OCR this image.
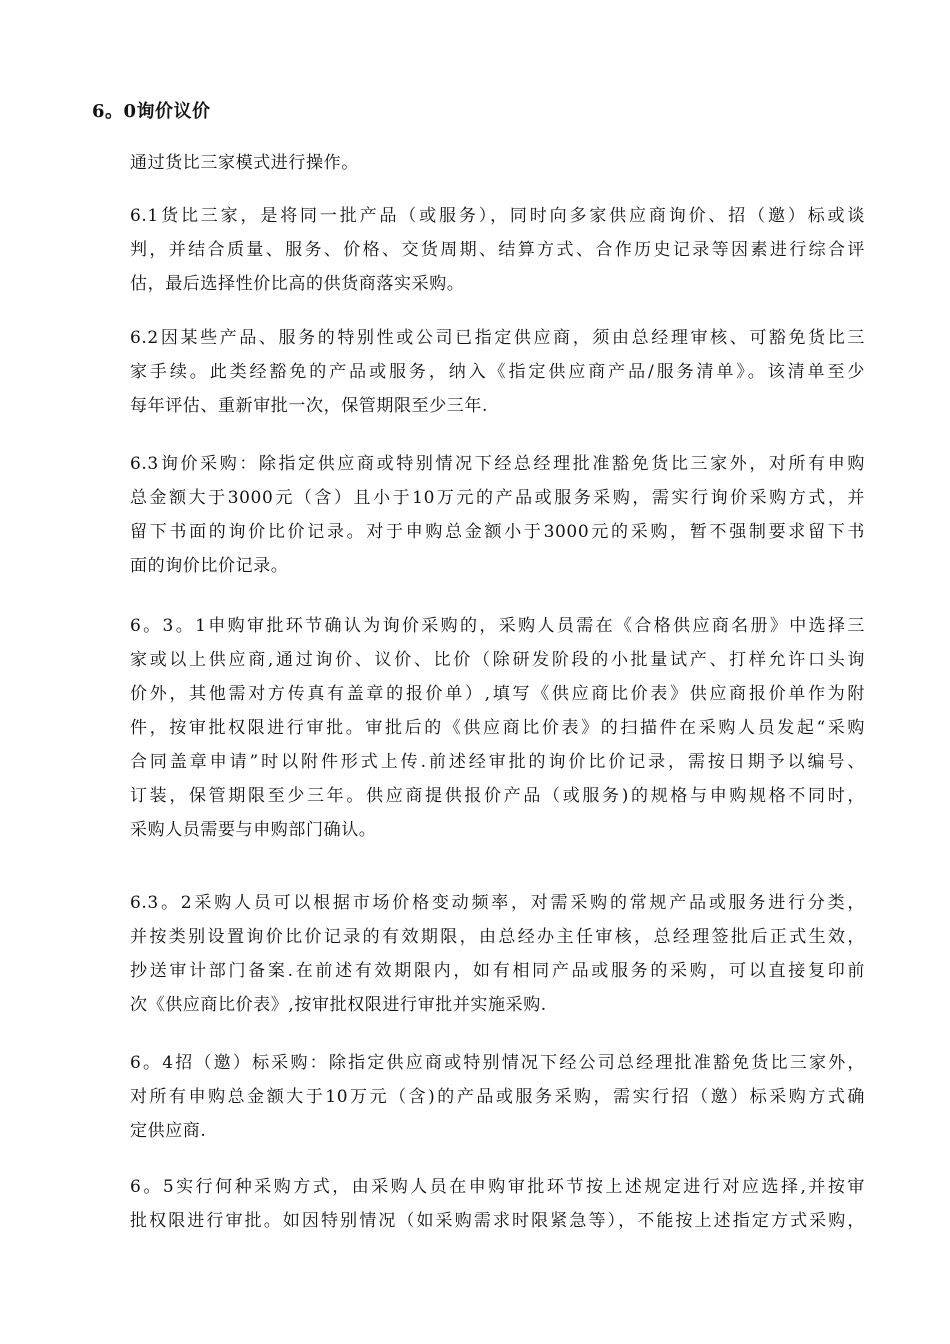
6。0询价议价
通过货比三家模式进行操作。
6.1货比三家，是将同一批产品（或服务），同时向多家供应商询价、招（邀）标或谈
判，并结合质量、服务、价格、交货周期、结算方式、合作历史记录等因素进行综合评
估，最后选择性价比高的供货商落实采购。
6.2因某些产品、服务的特别性或公司已指定供应商，须由总经理审核、可豁免货比三
家手续。此类经豁免的产品或服务，纳入《指定供应商产品/服务清单》。该清单至少
每年评估、重新审批一次，保管期限至少三年.
6.3询价采购：除指定供应商或特别情况下经总经理批准豁免货比三家外，对所有申购
总金额大于3000元（含）且小于10万元的产品或服务采购，需实行询价采购方式，并
留下书面的询价比价记录。对于申购总金额小于3000元的采购，暂不强制要求留下书
面的询价比价记录。
6。3。1申购审批环节确认为询价采购的，采购人员需在《合格供应商名册》中选择三
家或以上供应商,通过询价、议价、比价（除研发阶段的小批量试产、打样允许口头询
价外，其他需对方传真有盖章的报价单）,填写《供应商比价表》供应商报价单作为附
件，按审批权限进行审批。审批后的《供应商比价表》的扫描件在采购人员发起“采购
合同盖章申请”时以附件形式上传.前述经审批的询价比价记录，需按日期予以编号、
订装，保管期限至少三年。供应商提供报价产品（或服务)的规格与申购规格不同时，
采购人员需要与申购部门确认。
6.3。2采购人员可以根据市场价格变动频率，对需采购的常规产品或服务进行分类，
并按类别设置询价比价记录的有效期限，由总经办主任审核，总经理签批后正式生效，
抄送审计部门备案.在前述有效期限内，如有相同产品或服务的采购，可以直接复印前
次《供应商比价表》,按审批权限进行审批并实施采购.
6。4招（邀）标采购：除指定供应商或特别情况下经公司总经理批准豁免货比三家外，
对所有申购总金额大于10万元（含)的产品或服务采购，需实行招（邀）标采购方式确
定供应商.
6。5实行何种采购方式，由采购人员在申购审批环节按上述规定进行对应选择,并按审
批权限进行审批。如因特别情况（如采购需求时限紧急等），不能按上述指定方式采购，
